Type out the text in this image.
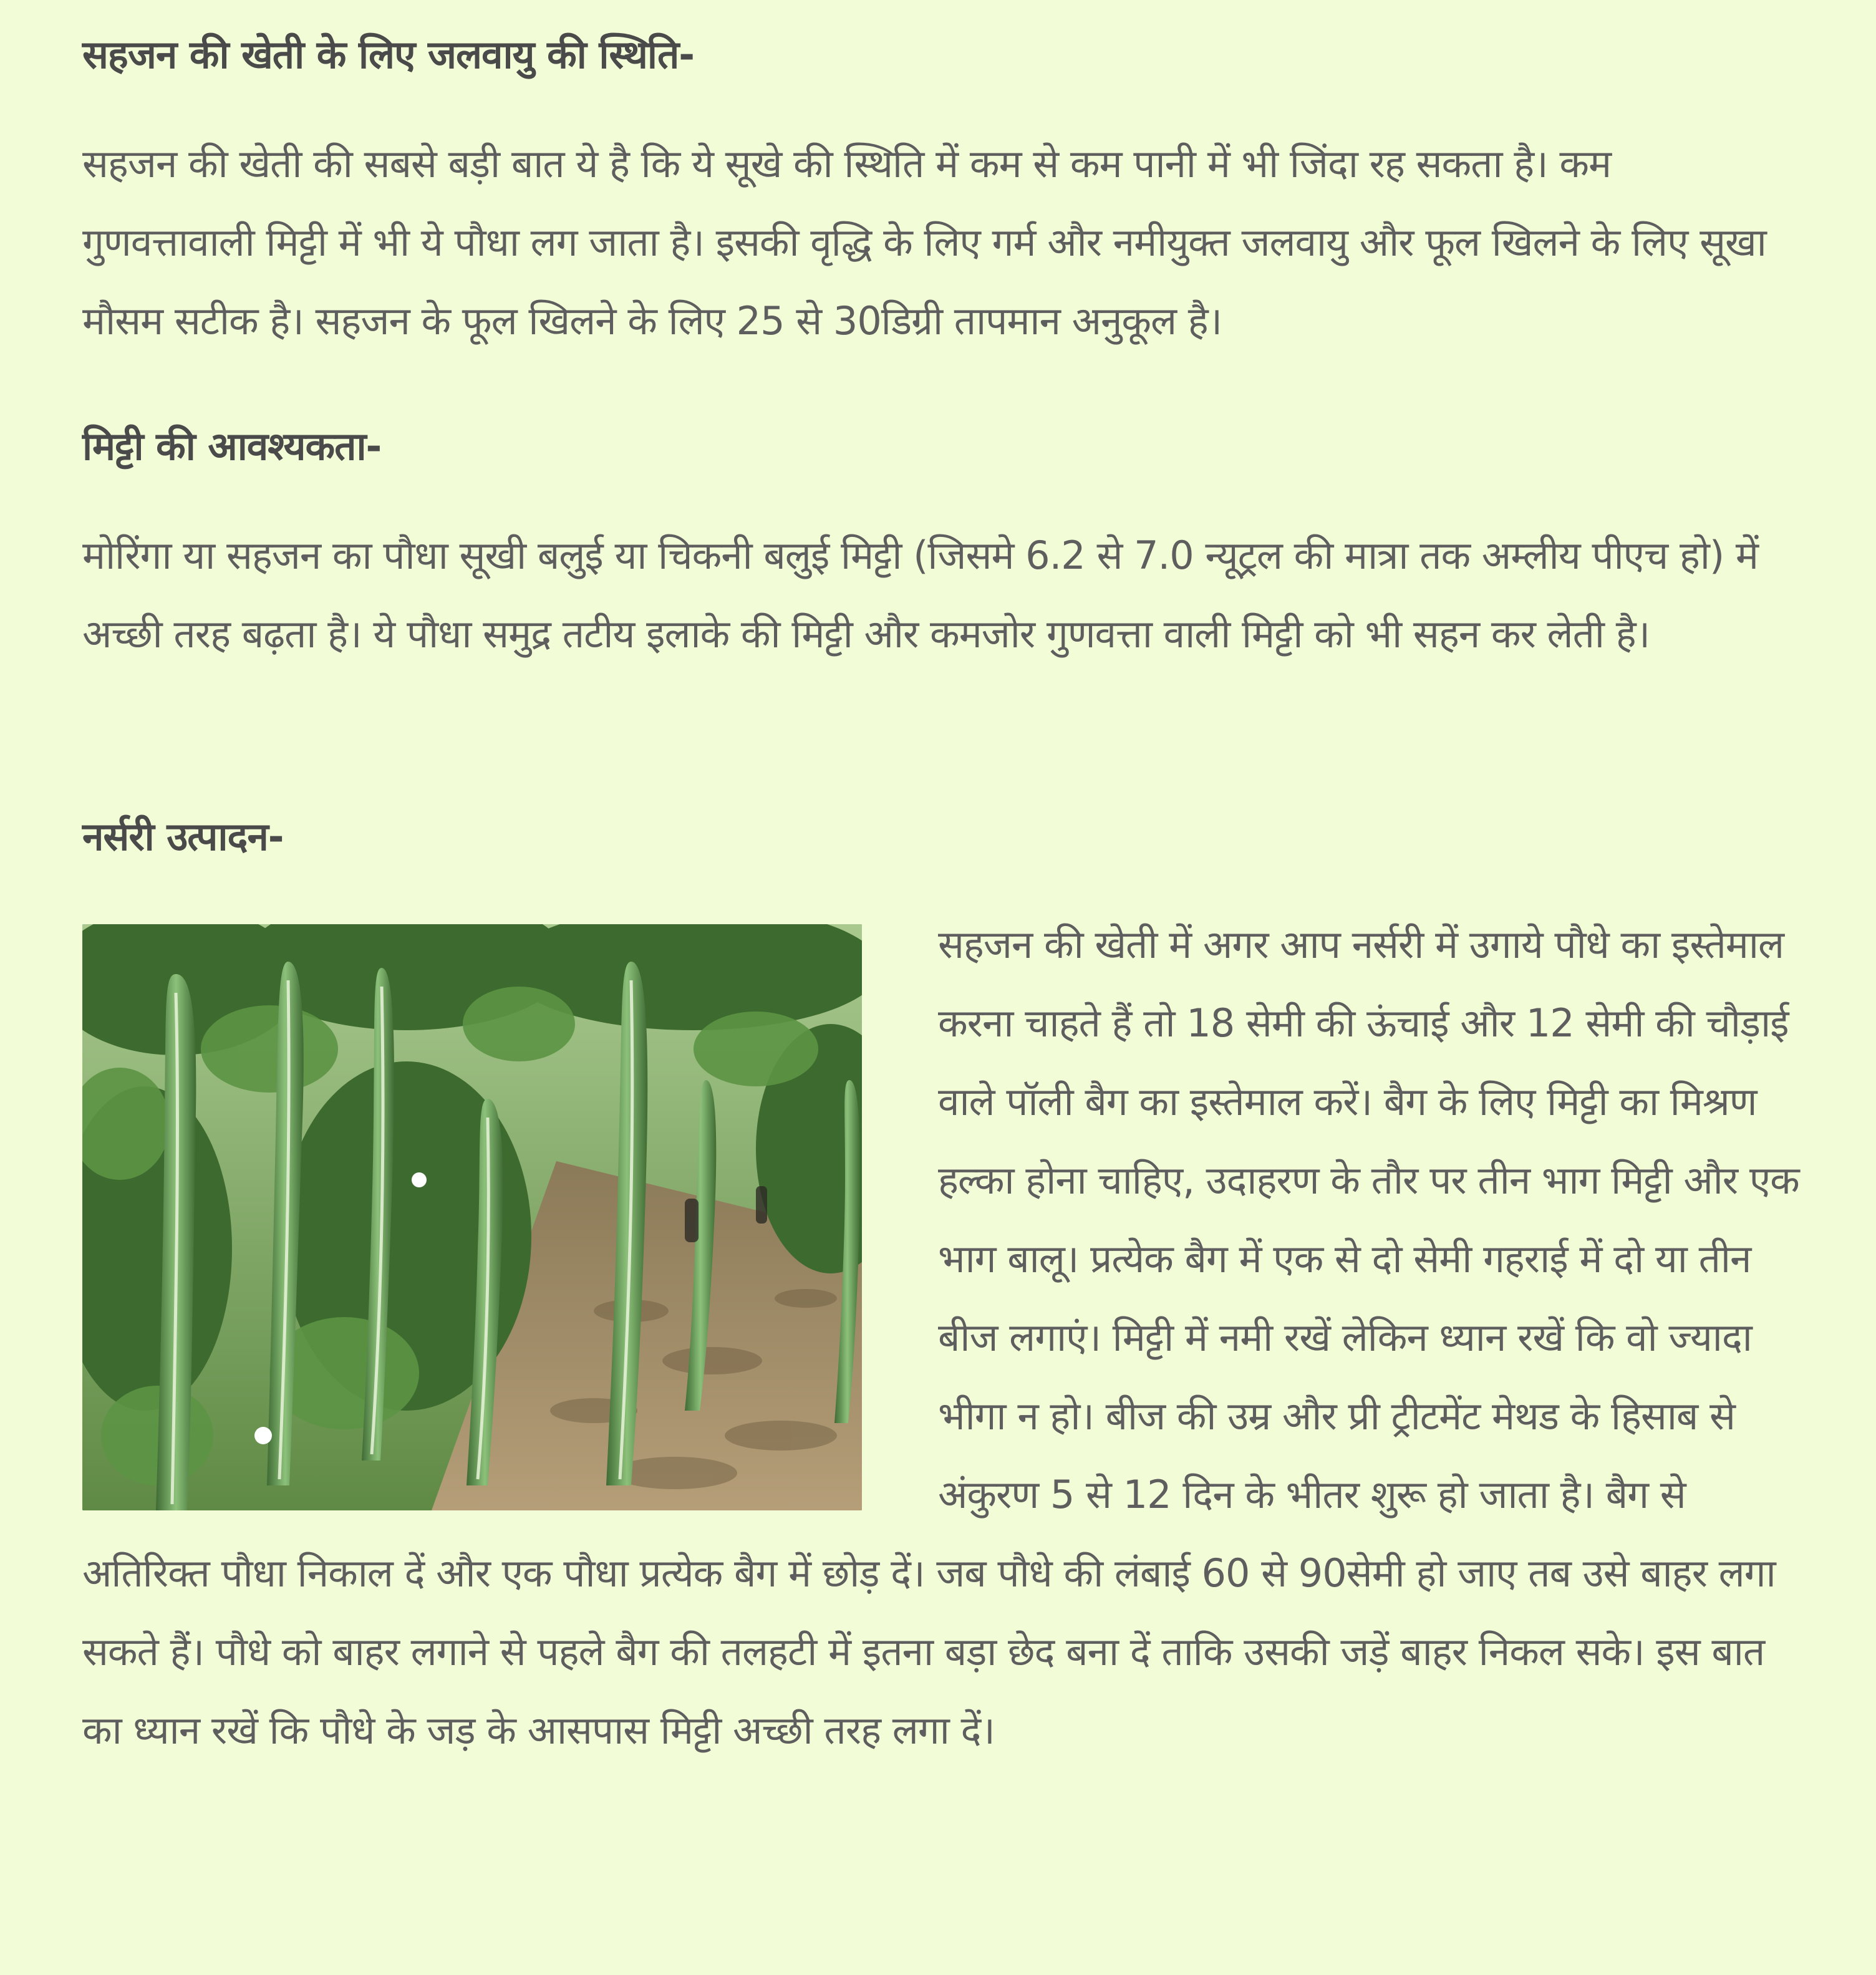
सहजन की खेती के लिए जलवायु की स्थिति-

सहजन की खेती की सबसे बड़ी बात ये है कि ये सूखे की स्थिति में कम से कम पानी में भी जिंदा रह सकता है। कम गुणवत्तावाली मिट्टी में भी ये पौधा लग जाता है। इसकी वृद्धि के लिए गर्म और नमीयुक्त जलवायु और फूल खिलने के लिए सूखा मौसम सटीक है। सहजन के फूल खिलने के लिए 25 से 30डिग्री तापमान अनुकूल है।

मिट्टी की आवश्यकता-

मोरिंगा या सहजन का पौधा सूखी बलुई या चिकनी बलुई मिट्टी (जिसमे 6.2 से 7.0 न्यूट्रल की मात्रा तक अम्लीय पीएच हो) में अच्छी तरह बढ़ता है। ये पौधा समुद्र तटीय इलाके की मिट्टी और कमजोर गुणवत्ता वाली मिट्टी को भी सहन कर लेती है।

नर्सरी उत्पादन-

सहजन की खेती में अगर आप नर्सरी में उगाये पौधे का इस्तेमाल करना चाहते हैं तो 18 सेमी की ऊंचाई और 12 सेमी की चौड़ाई वाले पॉली बैग का इस्तेमाल करें। बैग के लिए मिट्टी का मिश्रण हल्का होना चाहिए, उदाहरण के तौर पर तीन भाग मिट्टी और एक भाग बालू। प्रत्येक बैग में एक से दो सेमी गहराई में दो या तीन बीज लगाएं। मिट्टी में नमी रखें लेकिन ध्यान रखें कि वो ज्यादा भीगा न हो। बीज की उम्र और प्री ट्रीटमेंट मेथड के हिसाब से अंकुरण 5 से 12 दिन के भीतर शुरू हो जाता है। बैग से अतिरिक्त पौधा निकाल दें और एक पौधा प्रत्येक बैग में छोड़ दें। जब पौधे की लंबाई 60 से 90सेमी हो जाए तब उसे बाहर लगा सकते हैं। पौधे को बाहर लगाने से पहले बैग की तलहटी में इतना बड़ा छेद बना दें ताकि उसकी जड़ें बाहर निकल सके। इस बात का ध्यान रखें कि पौधे के जड़ के आसपास मिट्टी अच्छी तरह लगा दें।
